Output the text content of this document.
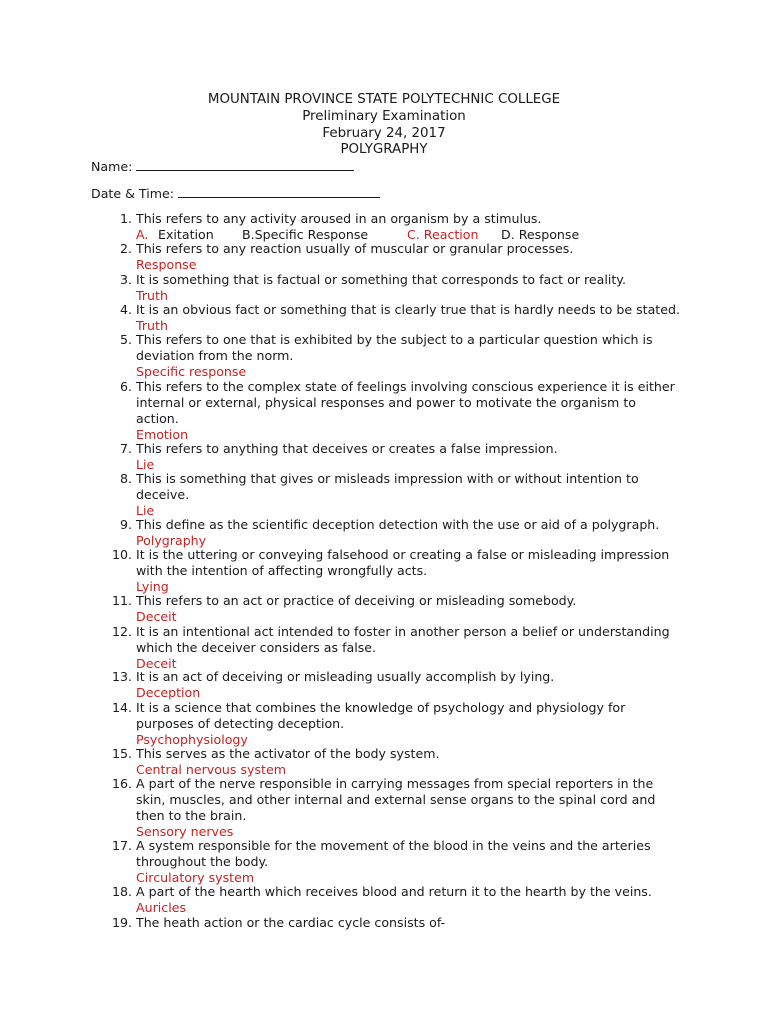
MOUNTAIN PROVINCE STATE POLYTECHNIC COLLEGE
Preliminary Examination
February 24, 2017
POLYGRAPHY
Name:
Date & Time:
1. This refers to any activity aroused in an organism by a stimulus.
A. Exitation B.Specific Response	C. Reaction D. Response
2. This refers to any reaction usually of muscular or granular processes.
Response
3. It is something that is factual or something that corresponds to fact or reality.
Truth
4. It is an obvious fact or something that is clearly true that is hardly needs to be stated.
Truth
5. This refers to one that is exhibited by the subject to a particular question which is
deviation from the norm.
Specific response
6. This refers to the complex state of feelings involving conscious experience it is either
internal or external, physical responses and power to motivate the organism to
action.
Emotion
7. This refers to anything that deceives or creates a false impression.
Lie
8. This is something that gives or misleads impression with or without intention to
deceive.
Lie
9. This define as the scientific deception detection with the use or aid of a polygraph.
Polygraphy
10. It is the uttering or conveying falsehood or creating a false or misleading impression
with the intention of affecting wrongfully acts.
Lying
11. This refers to an act or practice of deceiving or misleading somebody.
Deceit
12. It is an intentional act intended to foster in another person a belief or understanding
which the deceiver considers as false.
Deceit
13. It is an act of deceiving or misleading usually accomplish by lying.
Deception
14. It is a science that combines the knowledge of psychology and physiology for
purposes of detecting deception.
Psychophysiology
15. This serves as the activator of the body system.
Central nervous system
16. A part of the nerve responsible in carrying messages from special reporters in the
skin, muscles, and other internal and external sense organs to the spinal cord and
then to the brain.
Sensory nerves
17. A system responsible for the movement of the blood in the veins and the arteries
throughout the body.
Circulatory system
18. A part of the hearth which receives blood and return it to the hearth by the veins.
Auricles
19. The heath action or the cardiac cycle consists of-
